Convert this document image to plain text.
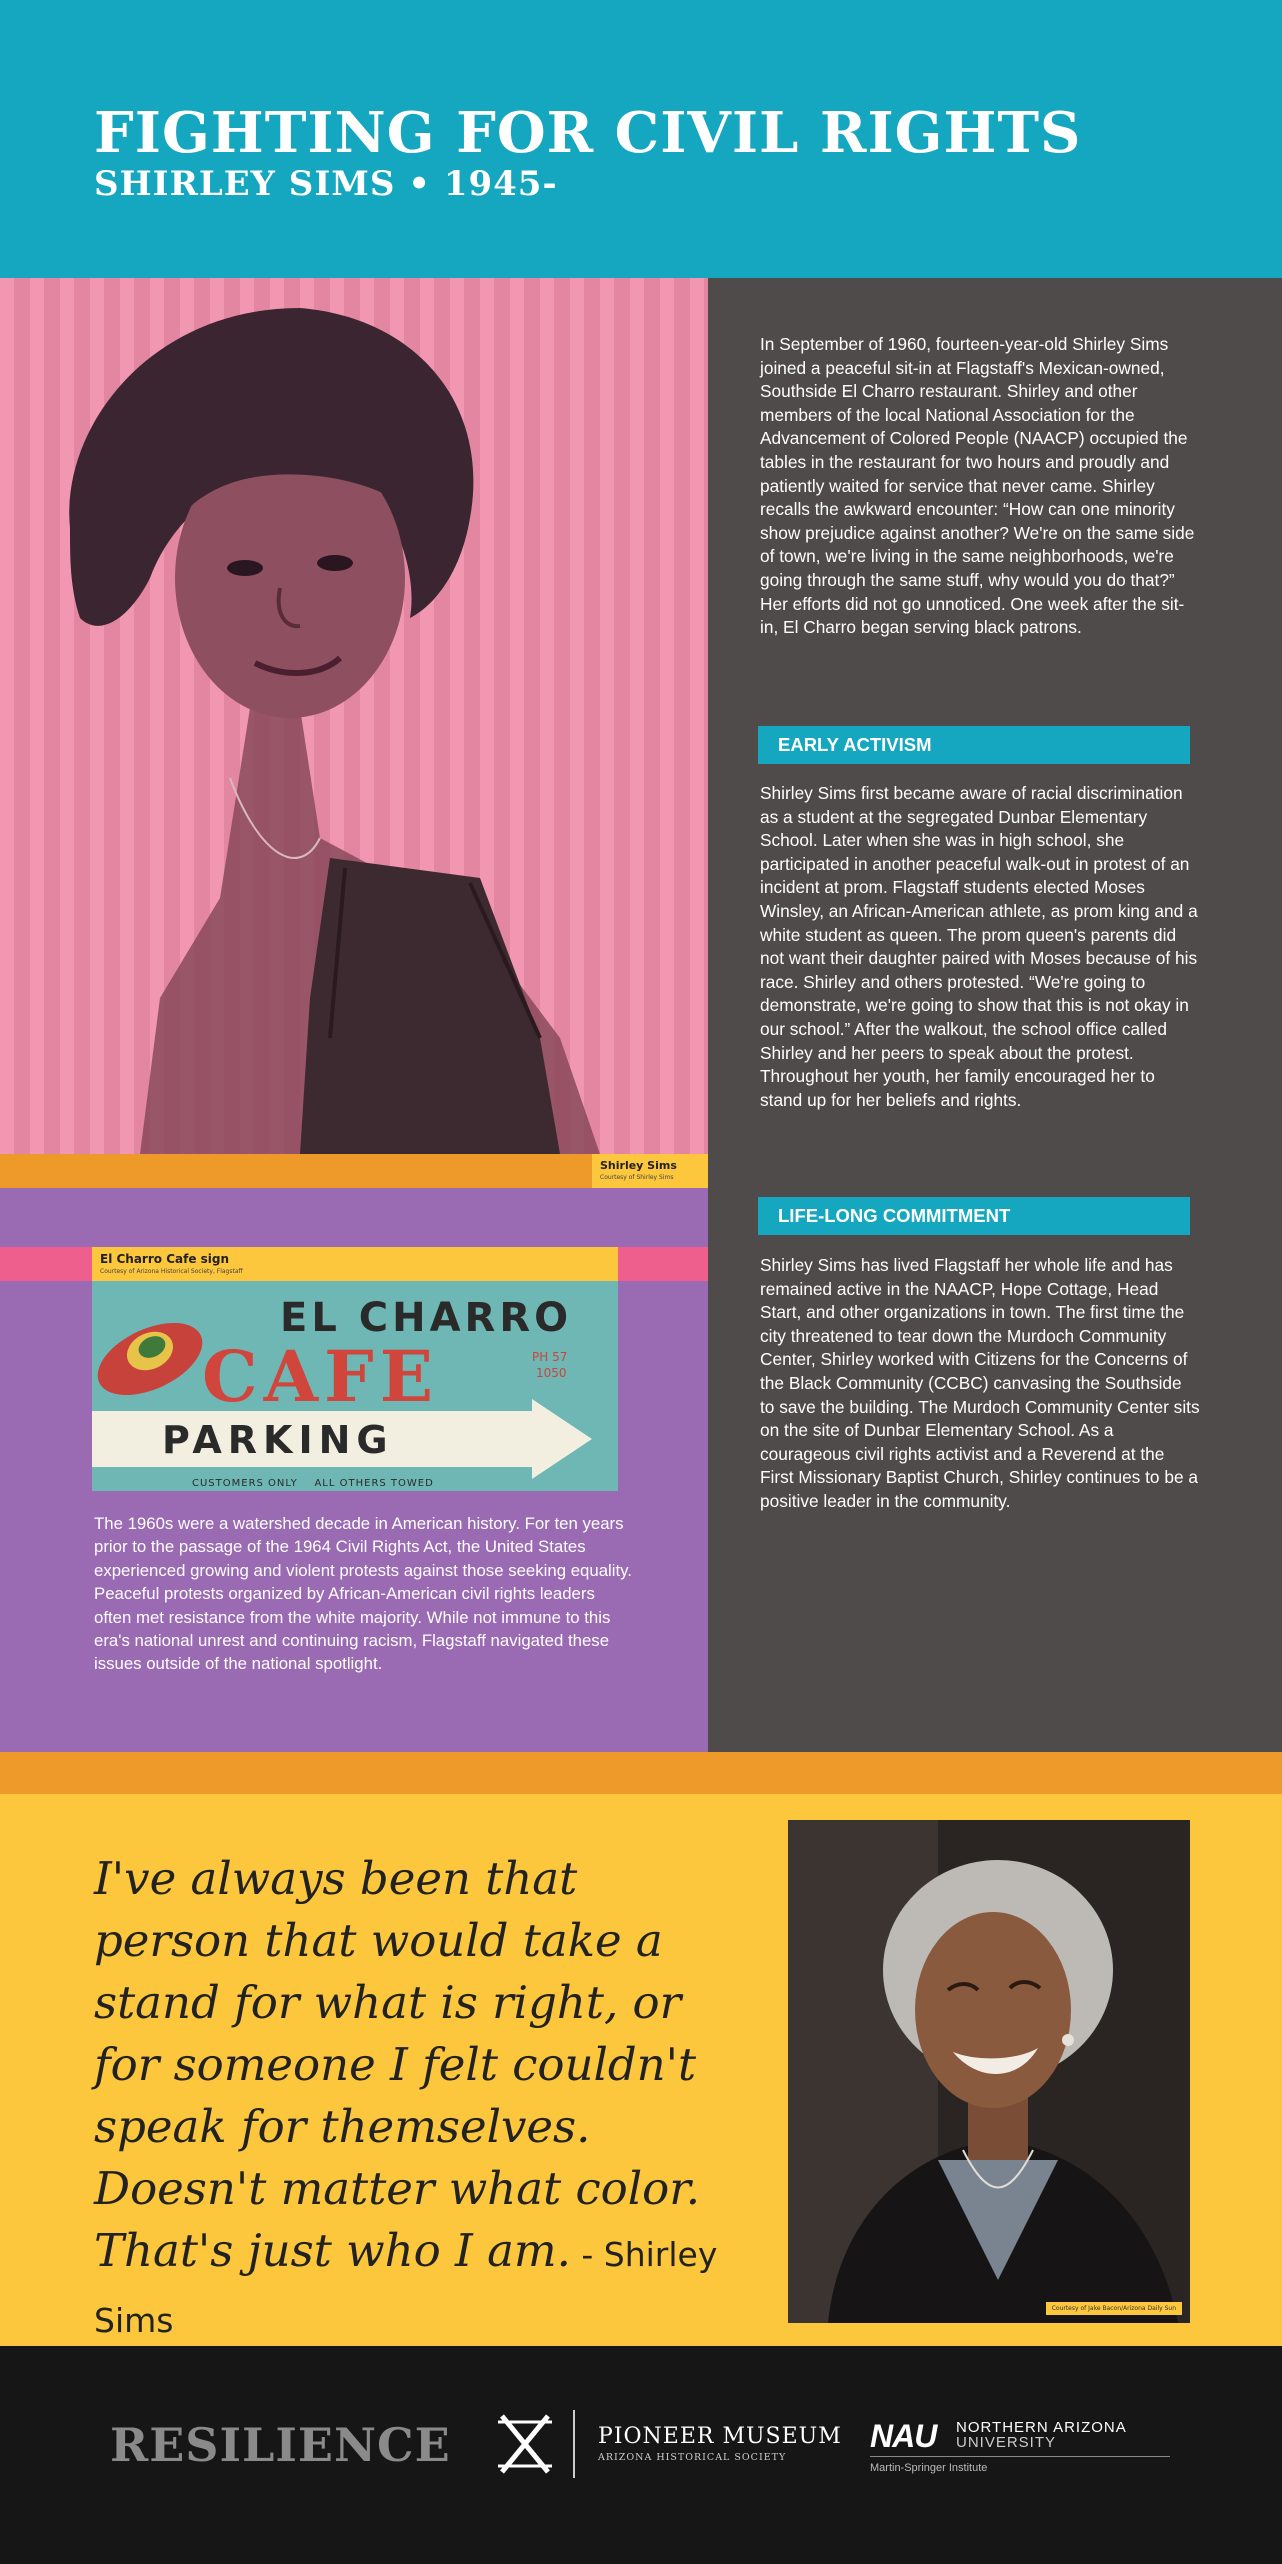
FIGHTING FOR CIVIL RIGHTS
SHIRLEY SIMS • 1945-
Shirley Sims
Courtesy of Shirley Sims
In September of 1960, fourteen-year-old Shirley Sims joined a peaceful sit-in at Flagstaff's Mexican-owned, Southside El Charro restaurant. Shirley and other members of the local National Association for the Advancement of Colored People (NAACP) occupied the tables in the restaurant for two hours and proudly and patiently waited for service that never came. Shirley recalls the awkward encounter: “How can one minority show prejudice against another? We're on the same side of town, we're living in the same neighborhoods, we're going through the same stuff, why would you do that?” Her efforts did not go unnoticed. One week after the sit-in, El Charro began serving black patrons.
EARLY ACTIVISM
Shirley Sims first became aware of racial discrimination as a student at the segregated Dunbar Elementary School. Later when she was in high school, she participated in another peaceful walk-out in protest of an incident at prom. Flagstaff students elected Moses Winsley, an African-American athlete, as prom king and a white student as queen. The prom queen's parents did not want their daughter paired with Moses because of his race. Shirley and others protested. “We're going to demonstrate, we're going to show that this is not okay in our school.” After the walkout, the school office called Shirley and her peers to speak about the protest. Throughout her youth, her family encouraged her to stand up for her beliefs and rights.
LIFE-LONG COMMITMENT
Shirley Sims has lived Flagstaff her whole life and has remained active in the NAACP, Hope Cottage, Head Start, and other organizations in town. The first time the city threatened to tear down the Murdoch Community Center, Shirley worked with Citizens for the Concerns of the Black Community (CCBC) canvasing the Southside to save the building. The Murdoch Community Center sits on the site of Dunbar Elementary School. As a courageous civil rights activist and a Reverend at the First Missionary Baptist Church, Shirley continues to be a positive leader in the community.
El Charro Cafe sign
Courtesy of Arizona Historical Society, Flagstaff
EL CHARRO
CAFE	PH 57
1050
PARKING
CUSTOMERS ONLY    ALL OTHERS TOWED
The 1960s were a watershed decade in American history. For ten years prior to the passage of the 1964 Civil Rights Act, the United States experienced growing and violent protests against those seeking equality. Peaceful protests organized by African-American civil rights leaders often met resistance from the white majority. While not immune to this era's national unrest and continuing racism, Flagstaff navigated these issues outside of the national spotlight.
I've always been that person that would take a stand for what is right, or for someone I felt couldn't speak for themselves. Doesn't matter what color. That's just who I am. - Shirley Sims	Courtesy of Jake Bacon/Arizona Daily Sun
RESILIENCE	PIONEER MUSEUM
ARIZONA HISTORICAL SOCIETY
NAU NORTHERN ARIZONA
UNIVERSITY
Martin-Springer Institute
